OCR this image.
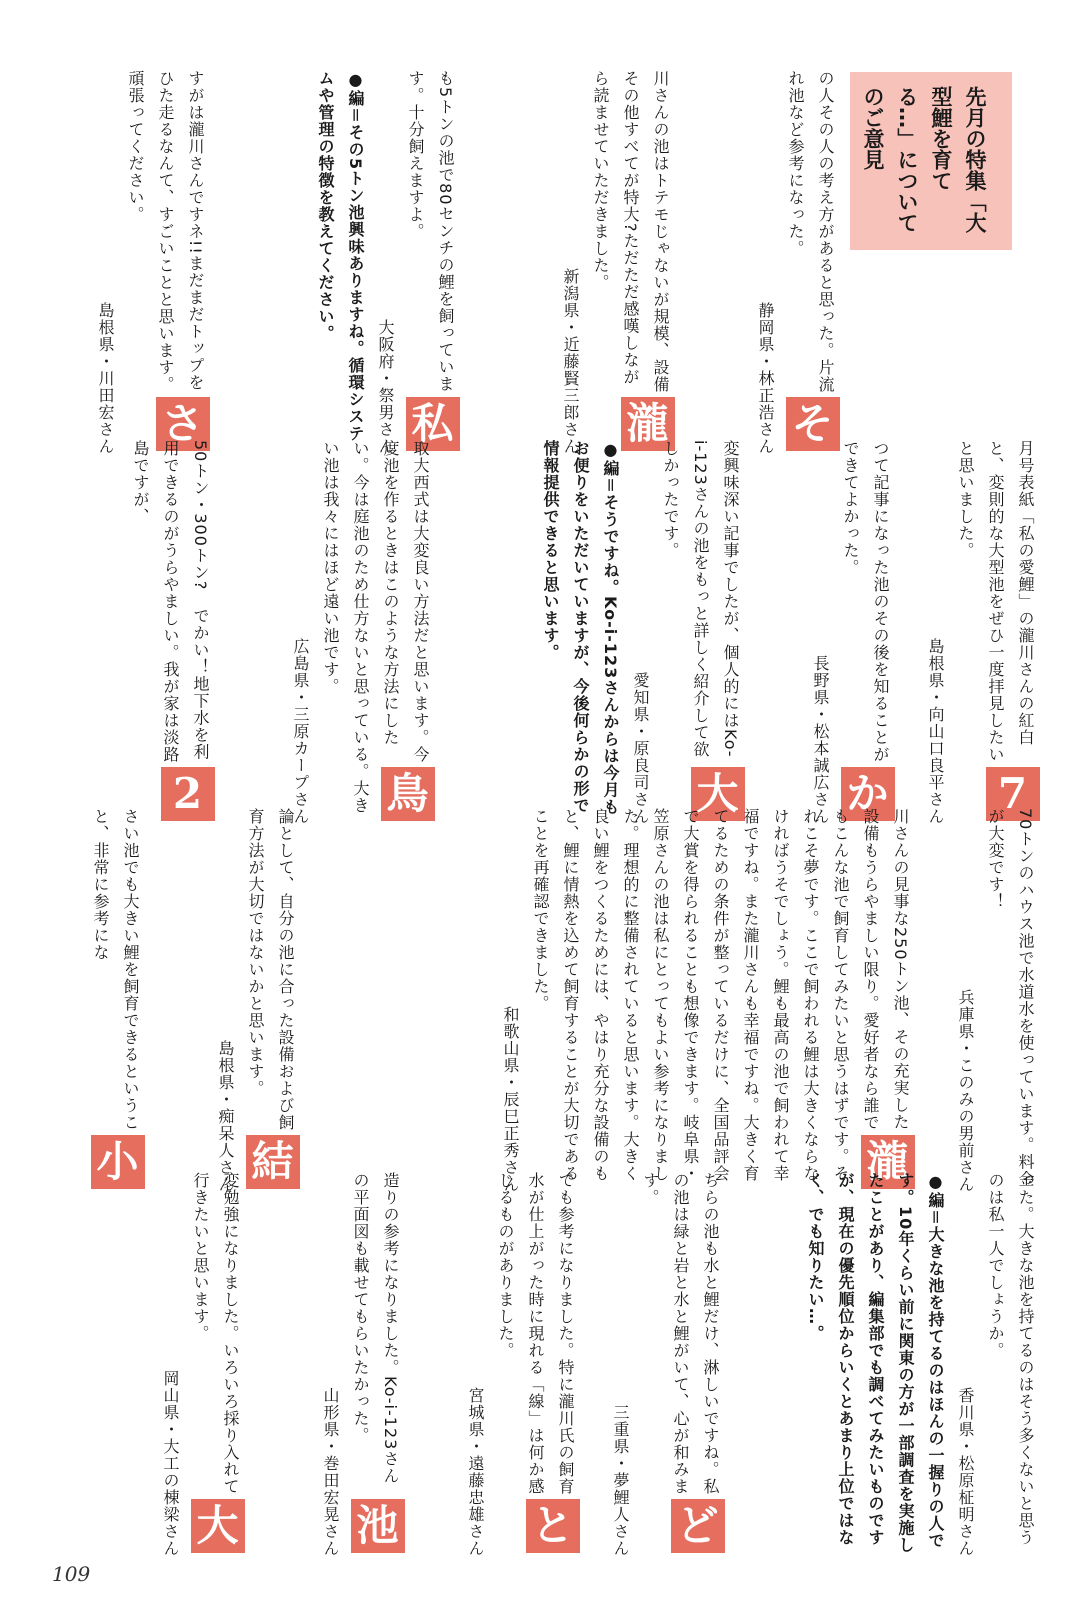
先月の特集「大型鯉を育てる…」についてのご意見
そ
の人その人の考え方があると思った。片流れ池など参考になった。
静岡県・林正浩さん
瀧
川さんの池はトテモじゃないが規模、設備その他すべてが特大?ただただ感嘆しながら読ませていただきました。
新潟県・近藤賢三郎さん
私
も5トンの池で80センチの鯉を飼っています。十分飼えますよ。
大阪府・祭男さん
●編＝その5トン池興味ありますね。循環システムや管理の特徴を教えてください。
さ
すがは瀧川さんですネ!!まだまだトップをひた走るなんて、すごいことと思います。頑張ってください。
島根県・川田宏さん
7
月号表紙「私の愛鯉」の瀧川さんの紅白と、変則的な大型池をぜひ一度拝見したいと思いました。
島根県・向山口良平さん
か
つて記事になった池のその後を知ることができてよかった。
長野県・松本誠広さん
大
変興味深い記事でしたが、個人的にはKo-i-123さんの池をもっと詳しく紹介して欲しかったです。
愛知県・原良司さん
●編＝そうですね。Ko-i-123さんからは今月もお便りをいただいていますが、今後何らかの形で情報提供できると思います。
鳥
取大西式は大変良い方法だと思います。今度池を作るときはこのような方法にしたい。今は庭池のため仕方ないと思っている。大きい池は我々にはほど遠い池です。
広島県・三原カープさん
2
50トン・300トン?　でかい！地下水を利用できるのがうらやましい。我が家は淡路島ですが、
70トンのハウス池で水道水を使っています。料金が大変です！
兵庫県・このみの男前さん
瀧
川さんの見事な250トン池、その充実した設備もうらやましい限り。愛好者なら誰でもこんな池で飼育してみたいと思うはずです。それこそ夢です。ここで飼われる鯉は大きくならなければうそでしょう。鯉も最高の池で飼われて幸福ですね。また瀧川さんも幸福ですね。大きく育てるための条件が整っているだけに、全国品評会で大賞を得られることも想像できます。岐阜県・笠原さんの池は私にとってもよい参考になりました。理想的に整備されていると思います。大きく良い鯉をつくるためには、やはり充分な設備のもと、鯉に情熱を込めて飼育することが大切であることを再確認できました。
和歌山県・辰巳正秀さん
結
論として、自分の池に合った設備および飼育方法が大切ではないかと思います。
島根県・痴呆人さん
小
さい池でも大きい鯉を飼育できるということ、非常に参考にな
った。大きな池を持てるのはそう多くないと思うのは私一人でしょうか。
香川県・松原柾明さん
●編＝大きな池を持てるのはほんの一握りの人です。10年くらい前に関東の方が一部調査を実施したことがあり、編集部でも調べてみたいものですが、現在の優先順位からいくとあまり上位ではなく、でも知りたい…。
ど
ちらの池も水と鯉だけ、淋しいですね。私の池は緑と岩と水と鯉がいて、心が和みます。
三重県・夢鯉人さん
と
ても参考になりました。特に瀧川氏の飼育水が仕上がった時に現れる「線」は何か感じるものがありました。
宮城県・遠藤忠雄さん
池
造りの参考になりました。Ko-i-123さんの平面図も載せてもらいたかった。
山形県・巻田宏晃さん
大
変勉強になりました。いろいろ採り入れて行きたいと思います。
岡山県・大工の棟梁さん
109
